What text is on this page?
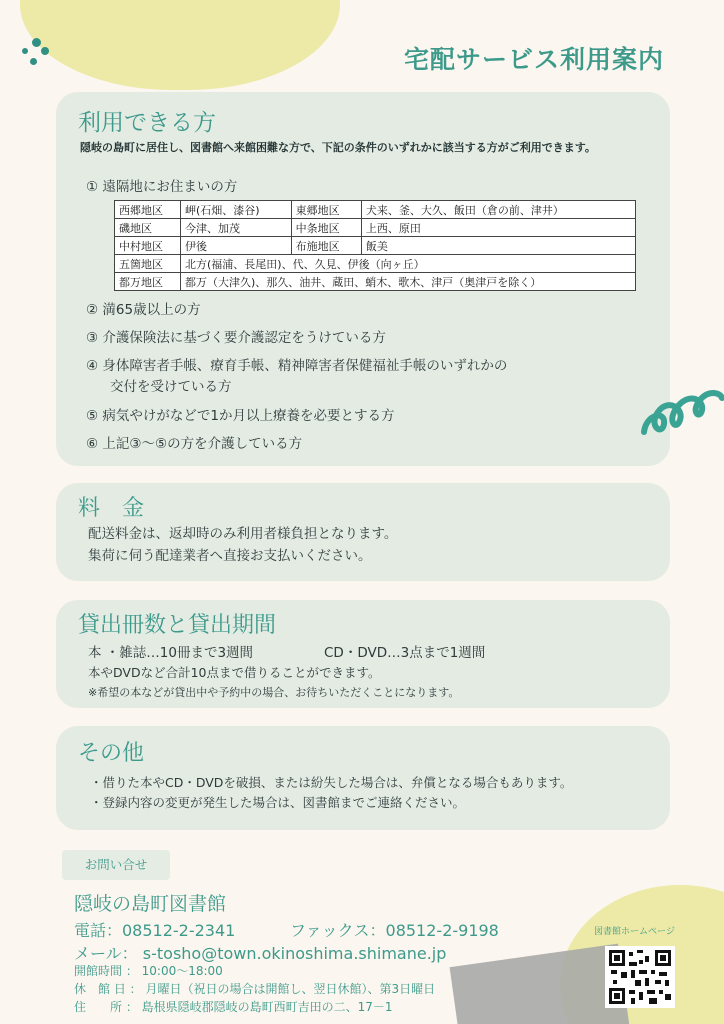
宅配サービス利用案内
利用できる方

隠岐の島町に居住し、図書館へ来館困難な方で、下記の条件のいずれかに該当する方がご利用できます。

① 遠隔地にお住まいの方
西郷地区	岬(石畑、漆谷)	東郷地区	犬来、釜、大久、飯田（倉の前、津井）
磯地区	今津、加茂	中条地区	上西、原田
中村地区	伊後	布施地区	飯美
五箇地区	北方(福浦、長尾田)、代、久見、伊後（向ヶ丘）		
都万地区	都万（大津久)、那久、油井、蔵田、蛸木、歌木、津戸（奥津戸を除く）		
② 満65歳以上の方
③ 介護保険法に基づく要介護認定をうけている方
④ 身体障害者手帳、療育手帳、精神障害者保健福祉手帳のいずれかの
交付を受けている方
⑤ 病気やけがなどで1か月以上療養を必要とする方
⑥ 上記③～⑤の方を介護している方
料　金
配送料金は、返却時のみ利用者様負担となります。
集荷に伺う配達業者へ直接お支払いください。
貸出冊数と貸出期間
本 ・雑誌…10冊まで3週間	CD・DVD…3点まで1週間
本やDVDなど合計10点まで借りることができます。
※希望の本などが貸出中や予約中の場合、お待ちいただくことになります。
その他
・借りた本やCD・DVDを破損、または紛失した場合は、弁償となる場合もあります。
・登録内容の変更が発生した場合は、図書館までご連絡ください。
お問い合せ
隠岐の島町図書館
電話：08512-2-2341	ファックス：08512-2-9198
メール： s-tosho@town.okinoshima.shimane.jp
開館時間 ： 10:00～18:00
休　館 日 ： 月曜日（祝日の場合は開館し、翌日休館）、第3日曜日
住　　所 ： 島根県隠岐郡隠岐の島町西町吉田の二、17－1
図書館ホームページ
